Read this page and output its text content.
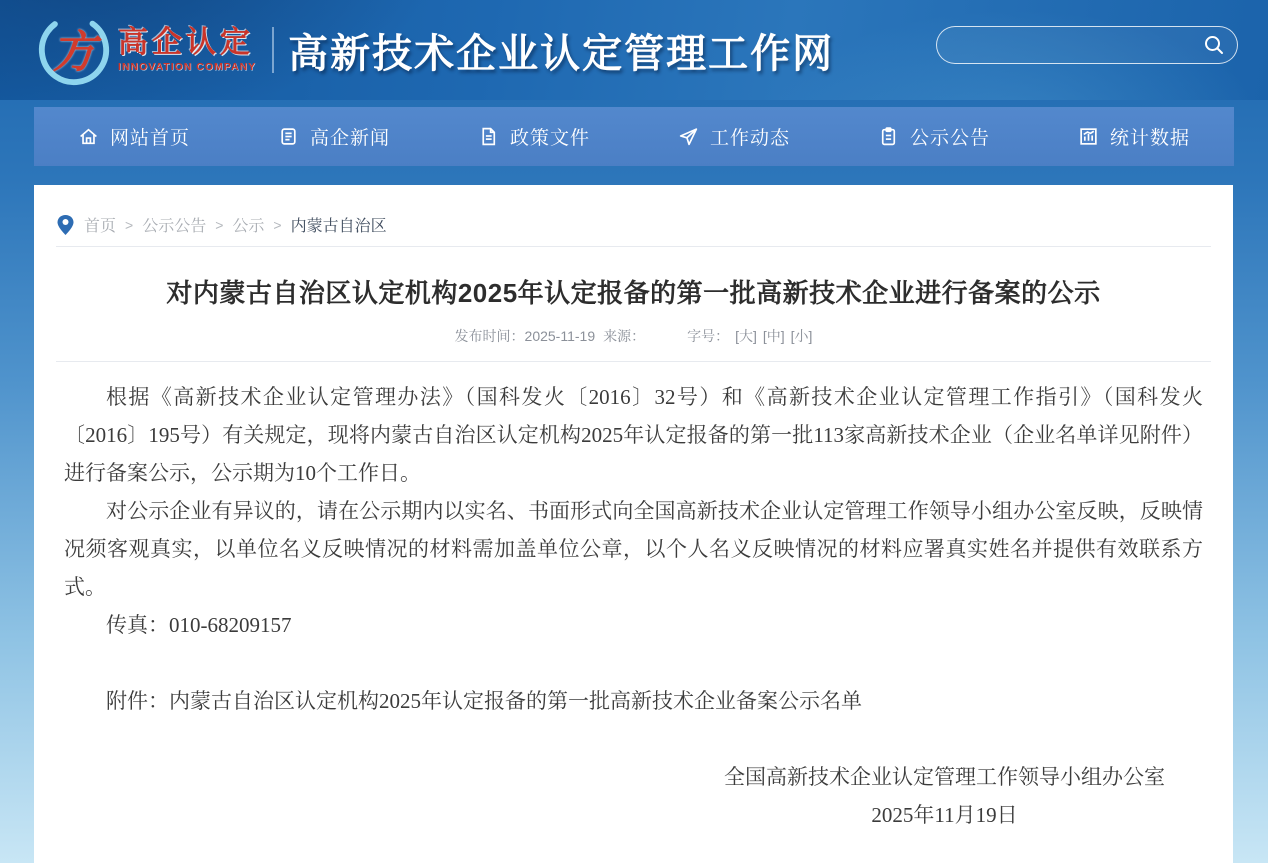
方 高企认定
INNOVATION COMPANY 高新技术企业认定管理工作网
网站首页	高企新闻	政策文件	工作动态	公示公告	统计数据
首页 > 公示公告 > 公示 > 内蒙古自治区
对内蒙古自治区认定机构2025年认定报备的第一批高新技术企业进行备案的公示
发布时间： 2025-11-19 来源：	字号： [大] [中] [小]

根据《高新技术企业认定管理办法》（国科发火〔2016〕32号）和《高新技术企业认定管理工作指引》（国科发火〔2016〕195号）有关规定，现将内蒙古自治区认定机构2025年认定报备的第一批113家高新技术企业（企业名单详见附件）进行备案公示，公示期为10个工作日。

对公示企业有异议的，请在公示期内以实名、书面形式向全国高新技术企业认定管理工作领导小组办公室反映，反映情况须客观真实，以单位名义反映情况的材料需加盖单位公章，以个人名义反映情况的材料应署真实姓名并提供有效联系方式。

传真：010-68209157

附件：内蒙古自治区认定机构2025年认定报备的第一批高新技术企业备案公示名单

全国高新技术企业认定管理工作领导小组办公室
2025年11月19日
